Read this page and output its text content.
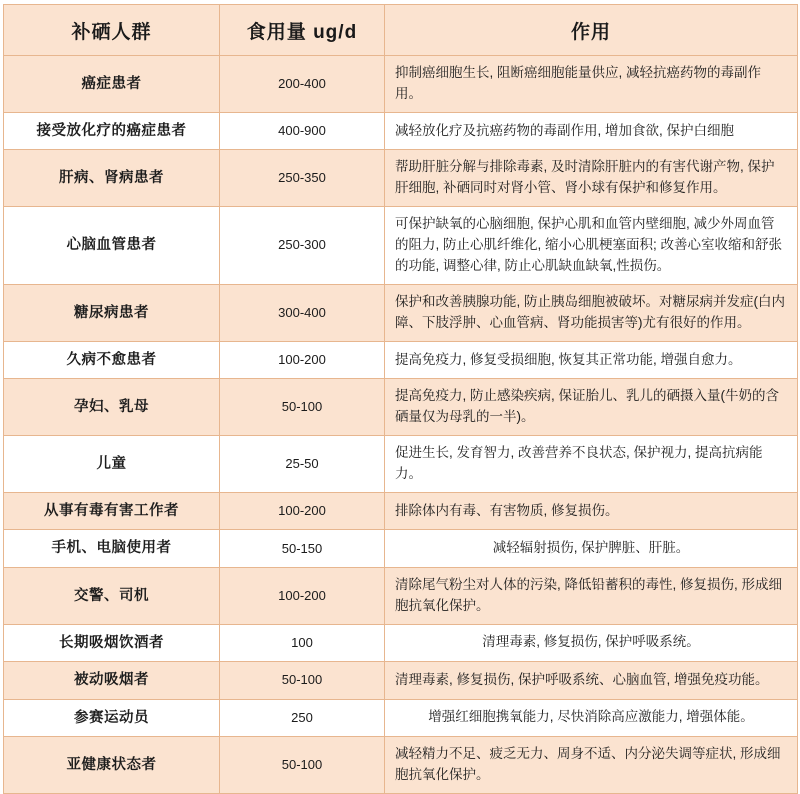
补硒人群	食用量 ug/d	作用
癌症患者	200-400	抑制癌细胞生长, 阻断癌细胞能量供应, 减轻抗癌药物的毒副作用。
接受放化疗的癌症患者	400-900	减轻放化疗及抗癌药物的毒副作用, 增加食欲, 保护白细胞
肝病、肾病患者	250-350	帮助肝脏分解与排除毒素, 及时清除肝脏内的有害代谢产物, 保护肝细胞, 补硒同时对肾小管、肾小球有保护和修复作用。
心脑血管患者	250-300	可保护缺氧的心脑细胞, 保护心肌和血管内壁细胞, 减少外周血管的阻力, 防止心肌纤维化, 缩小心肌梗塞面积; 改善心室收缩和舒张的功能, 调整心律, 防止心肌缺血缺氧,性损伤。
糖尿病患者	300-400	保护和改善胰腺功能, 防止胰岛细胞被破坏。对糖尿病并发症(白内障、下肢浮肿、心血管病、肾功能损害等)尤有很好的作用。
久病不愈患者	100-200	提高免疫力, 修复受损细胞, 恢复其正常功能, 增强自愈力。
孕妇、乳母	50-100	提高免疫力, 防止感染疾病, 保证胎儿、乳儿的硒摄入量(牛奶的含硒量仅为母乳的一半)。
儿童	25-50	促进生长, 发育智力, 改善营养不良状态, 保护视力, 提高抗病能力。
从事有毒有害工作者	100-200	排除体内有毒、有害物质, 修复损伤。
手机、电脑使用者	50-150	减轻辐射损伤, 保护脾脏、肝脏。
交警、司机	100-200	清除尾气粉尘对人体的污染, 降低铅蓄积的毒性, 修复损伤, 形成细胞抗氧化保护。
长期吸烟饮酒者	100	清理毒素, 修复损伤, 保护呼吸系统。
被动吸烟者	50-100	清理毒素, 修复损伤, 保护呼吸系统、心脑血管, 增强免疫功能。
参赛运动员	250	增强红细胞携氧能力, 尽快消除高应激能力, 增强体能。
亚健康状态者	50-100	减轻精力不足、疲乏无力、周身不适、内分泌失调等症状, 形成细胞抗氧化保护。
